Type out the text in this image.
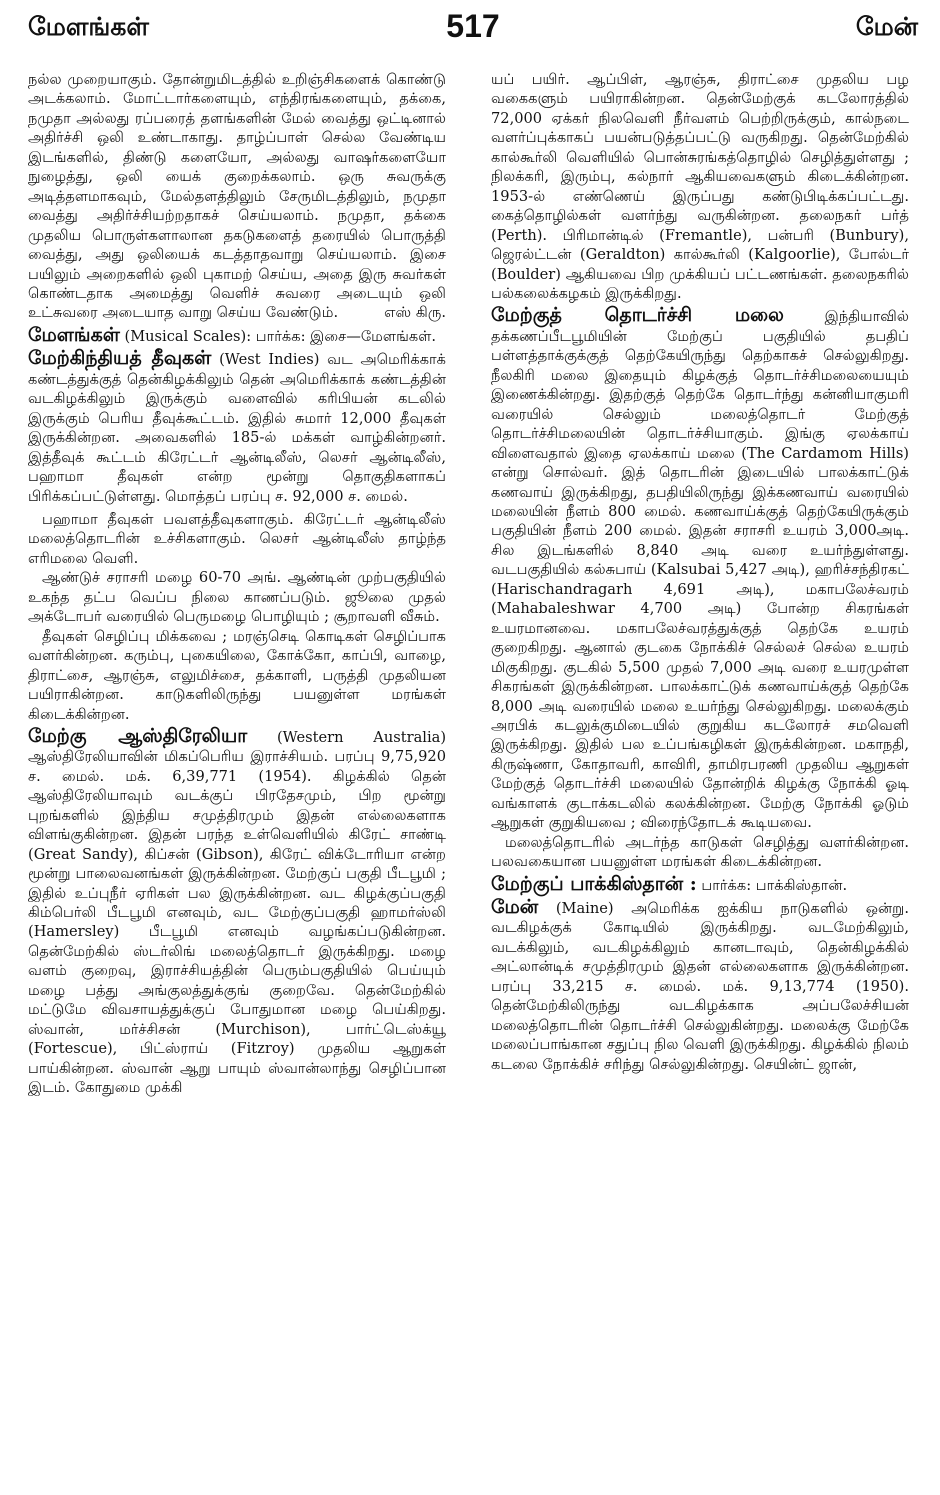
மேளங்கள்	517	மேன்

நல்ல முறையாகும். தோன்றுமிடத்தில் உறிஞ்சிகளைக் கொண்டு அடக்கலாம். மோட்டார்களையும், எந்திரங்களையும், தக்கை, நமுதா அல்லது ரப்பரைத் தளங்களின் மேல் வைத்து ஒட்டினால் அதிர்ச்சி ஒலி உண்டாகாது. தாழ்ப்பாள் செல்ல வேண்டிய இடங்களில், திண்டு களையோ, அல்லது வாஷர்களையோ நுழைத்து, ஒலி யைக் குறைக்கலாம். ஒரு சுவருக்கு அடித்தளமாகவும், மேல்தளத்திலும் சேருமிடத்திலும், நமுதா வைத்து அதிர்ச்சியற்றதாகச் செய்யலாம். நமுதா, தக்கை முதலிய பொருள்களாலான தகடுகளைத் தரையில் பொருத்தி வைத்து, அது ஒலியைக் கடத்தாதவாறு செய்யலாம். இசை பயிலும் அறைகளில் ஒலி புகாமற் செய்ய, அதை இரு சுவர்கள் கொண்டதாக அமைத்து வெளிச் சுவரை அடையும் ஒலி உட்சுவரை அடையாத வாறு செய்ய வேண்டும்.	எஸ் கிரு.

மேளங்கள் (Musical Scales): பார்க்க: இசை—மேளங்கள்.

மேற்கிந்தியத் தீவுகள் (West Indies) வட அமெரிக்காக் கண்டத்துக்குத் தென்கிழக்கிலும் தென் அமெரிக்காக் கண்டத்தின் வடகிழக்கிலும் இருக்கும் வளைவில் கரிபியன் கடலில் இருக்கும் பெரிய தீவுக்கூட்டம். இதில் சுமார் 12,000 தீவுகள் இருக்கின்றன. அவைகளில் 185-ல் மக்கள் வாழ்கின்றனர். இத்தீவுக் கூட்டம் கிரேட்டர் ஆன்டிலீஸ், லெசர் ஆன்டிலீஸ், பஹாமா தீவுகள் என்ற மூன்று தொகுதிகளாகப் பிரிக்கப்பட்டுள்ளது. மொத்தப் பரப்பு ச. 92,000 ச. மைல்.

பஹாமா தீவுகள் பவளத்தீவுகளாகும். கிரேட்டர் ஆன்டிலீஸ் மலைத்தொடரின் உச்சிகளாகும். லெசர் ஆன்டிலீஸ் தாழ்ந்த எரிமலை வெளி.

ஆண்டுச் சராசரி மழை 60-70 அங். ஆண்டின் முற்பகுதியில் உகந்த தட்ப வெப்ப நிலை காணப்படும். ஜூலை முதல் அக்டோபர் வரையில் பெருமழை பொழியும் ; சூறாவளி வீசும்.

தீவுகள் செழிப்பு மிக்கவை ; மரஞ்செடி கொடிகள் செழிப்பாக வளர்கின்றன. கரும்பு, புகையிலை, கோக்கோ, காப்பி, வாழை, திராட்சை, ஆரஞ்சு, எலுமிச்சை, தக்காளி, பருத்தி முதலியன பயிராகின்றன. காடுகளிலிருந்து பயனுள்ள மரங்கள் கிடைக்கின்றன.

மேற்கு ஆஸ்திரேலியா (Western Australia) ஆஸ்திரேலியாவின் மிகப்பெரிய இராச்சியம். பரப்பு 9,75,920 ச. மைல். மக். 6,39,771 (1954). கிழக்கில் தென் ஆஸ்திரேலியாவும் வடக்குப் பிரதேசமும், பிற மூன்று புறங்களில் இந்திய சமுத்திரமும் இதன் எல்லைகளாக விளங்குகின்றன. இதன் பரந்த உள்வெளியில் கிரேட் சாண்டி (Great Sandy), கிப்சன் (Gibson), கிரேட் விக்டோரியா என்ற மூன்று பாலைவனங்கள் இருக்கின்றன. மேற்குப் பகுதி பீடபூமி ; இதில் உப்புநீர் ஏரிகள் பல இருக்கின்றன. வட கிழக்குப்பகுதி கிம்பெர்லி பீடபூமி எனவும், வட மேற்குப்பகுதி ஹாமர்ஸ்லி (Hamersley) பீடபூமி எனவும் வழங்கப்படுகின்றன. தென்மேற்கில் ஸ்டர்லிங் மலைத்தொடர் இருக்கிறது. மழை வளம் குறைவு, இராச்சியத்தின் பெரும்பகுதியில் பெய்யும் மழை பத்து அங்குலத்துக்குங் குறைவே. தென்மேற்கில் மட்டுமே விவசாயத்துக்குப் போதுமான மழை பெய்கிறது. ஸ்வான், மர்ச்சிசன் (Murchison), பார்ட்டெஸ்க்யூ (Fortescue), பிட்ஸ்ராய் (Fitzroy) முதலிய ஆறுகள் பாய்கின்றன. ஸ்வான் ஆறு பாயும் ஸ்வான்லாந்து செழிப்பான இடம். கோதுமை முக்கி

யப் பயிர். ஆப்பிள், ஆரஞ்சு, திராட்சை முதலிய பழ வகைகளும் பயிராகின்றன. தென்மேற்குக் கடலோரத்தில் 72,000 ஏக்கர் நிலவெளி நீர்வளம் பெற்றிருக்கும், கால்நடை வளர்ப்புக்காகப் பயன்படுத்தப்பட்டு வருகிறது. தென்மேற்கில் கால்கூர்லி வெளியில் பொன்சுரங்கத்தொழில் செழித்துள்ளது ; நிலக்கரி, இரும்பு, கல்நார் ஆகியவைகளும் கிடைக்கின்றன. 1953-ல் எண்ணெய் இருப்பது கண்டுபிடிக்கப்பட்டது. கைத்தொழில்கள் வளர்ந்து வருகின்றன. தலைநகர் பர்த் (Perth). பிரிமான்டில் (Fremantle), பன்பரி (Bunbury), ஜெரல்ட்டன் (Geraldton) கால்கூர்லி (Kalgoorlie), போல்டர் (Boulder) ஆகியவை பிற முக்கியப் பட்டணங்கள். தலைநகரில் பல்கலைக்கழகம் இருக்கிறது.

மேற்குத் தொடர்ச்சி மலை இந்தியாவில் தக்கணப்பீடபூமியின் மேற்குப் பகுதியில் தபதிப் பள்ளத்தாக்குக்குத் தெற்கேயிருந்து தெற்காகச் செல்லுகிறது. நீலகிரி மலை இதையும் கிழக்குத் தொடர்ச்சிமலையையும் இணைக்கின்றது. இதற்குத் தெற்கே தொடர்ந்து கன்னியாகுமரி வரையில் செல்லும் மலைத்தொடர் மேற்குத் தொடர்ச்சிமலையின் தொடர்ச்சியாகும். இங்கு ஏலக்காய் விளைவதால் இதை ஏலக்காய் மலை (The Cardamom Hills) என்று சொல்வர். இத் தொடரின் இடையில் பாலக்காட்டுக் கணவாய் இருக்கிறது, தபதியிலிருந்து இக்கணவாய் வரையில் மலையின் நீளம் 800 மைல். கணவாய்க்குத் தெற்கேயிருக்கும் பகுதியின் நீளம் 200 மைல். இதன் சராசரி உயரம் 3,000அடி. சில இடங்களில் 8,840 அடி வரை உயர்ந்துள்ளது. வடபகுதியில் கல்சுபாய் (Kalsubai 5,427 அடி), ஹரிச்சந்திரகட் (Harischandragarh 4,691 அடி), மகாபலேச்வரம் (Mahabaleshwar 4,700 அடி) போன்ற சிகரங்கள் உயரமானவை. மகாபலேச்வரத்துக்குத் தெற்கே உயரம் குறைகிறது. ஆனால் குடகை நோக்கிச் செல்லச் செல்ல உயரம் மிகுகிறது. குடகில் 5,500 முதல் 7,000 அடி வரை உயரமுள்ள சிகரங்கள் இருக்கின்றன. பாலக்காட்டுக் கணவாய்க்குத் தெற்கே 8,000 அடி வரையில் மலை உயர்ந்து செல்லுகிறது. மலைக்கும் அரபிக் கடலுக்குமிடையில் குறுகிய கடலோரச் சமவெளி இருக்கிறது. இதில் பல உப்பங்கழிகள் இருக்கின்றன. மகாநதி, கிருஷ்ணா, கோதாவரி, காவிரி, தாமிரபரணி முதலிய ஆறுகள் மேற்குத் தொடர்ச்சி மலையில் தோன்றிக் கிழக்கு நோக்கி ஓடி வங்காளக் குடாக்கடலில் கலக்கின்றன. மேற்கு நோக்கி ஓடும் ஆறுகள் குறுகியவை ; விரைந்தோடக் கூடியவை.

மலைத்தொடரில் அடர்ந்த காடுகள் செழித்து வளர்கின்றன. பலவகையான பயனுள்ள மரங்கள் கிடைக்கின்றன.

மேற்குப் பாக்கிஸ்தான் : பார்க்க: பாக்கிஸ்தான்.

மேன் (Maine) அமெரிக்க ஐக்கிய நாடுகளில் ஒன்று. வடகிழக்குக் கோடியில் இருக்கிறது. வடமேற்கிலும், வடக்கிலும், வடகிழக்கிலும் கானடாவும், தென்கிழக்கில் அட்லான்டிக் சமுத்திரமும் இதன் எல்லைகளாக இருக்கின்றன. பரப்பு 33,215 ச. மைல். மக். 9,13,774 (1950). தென்மேற்கிலிருந்து வடகிழக்காக அப்பலேச்சியன் மலைத்தொடரின் தொடர்ச்சி செல்லுகின்றது. மலைக்கு மேற்கே மலைப்பாங்கான சதுப்பு நில வெளி இருக்கிறது. கிழக்கில் நிலம் கடலை நோக்கிச் சரிந்து செல்லுகின்றது. செயின்ட் ஜான்,
